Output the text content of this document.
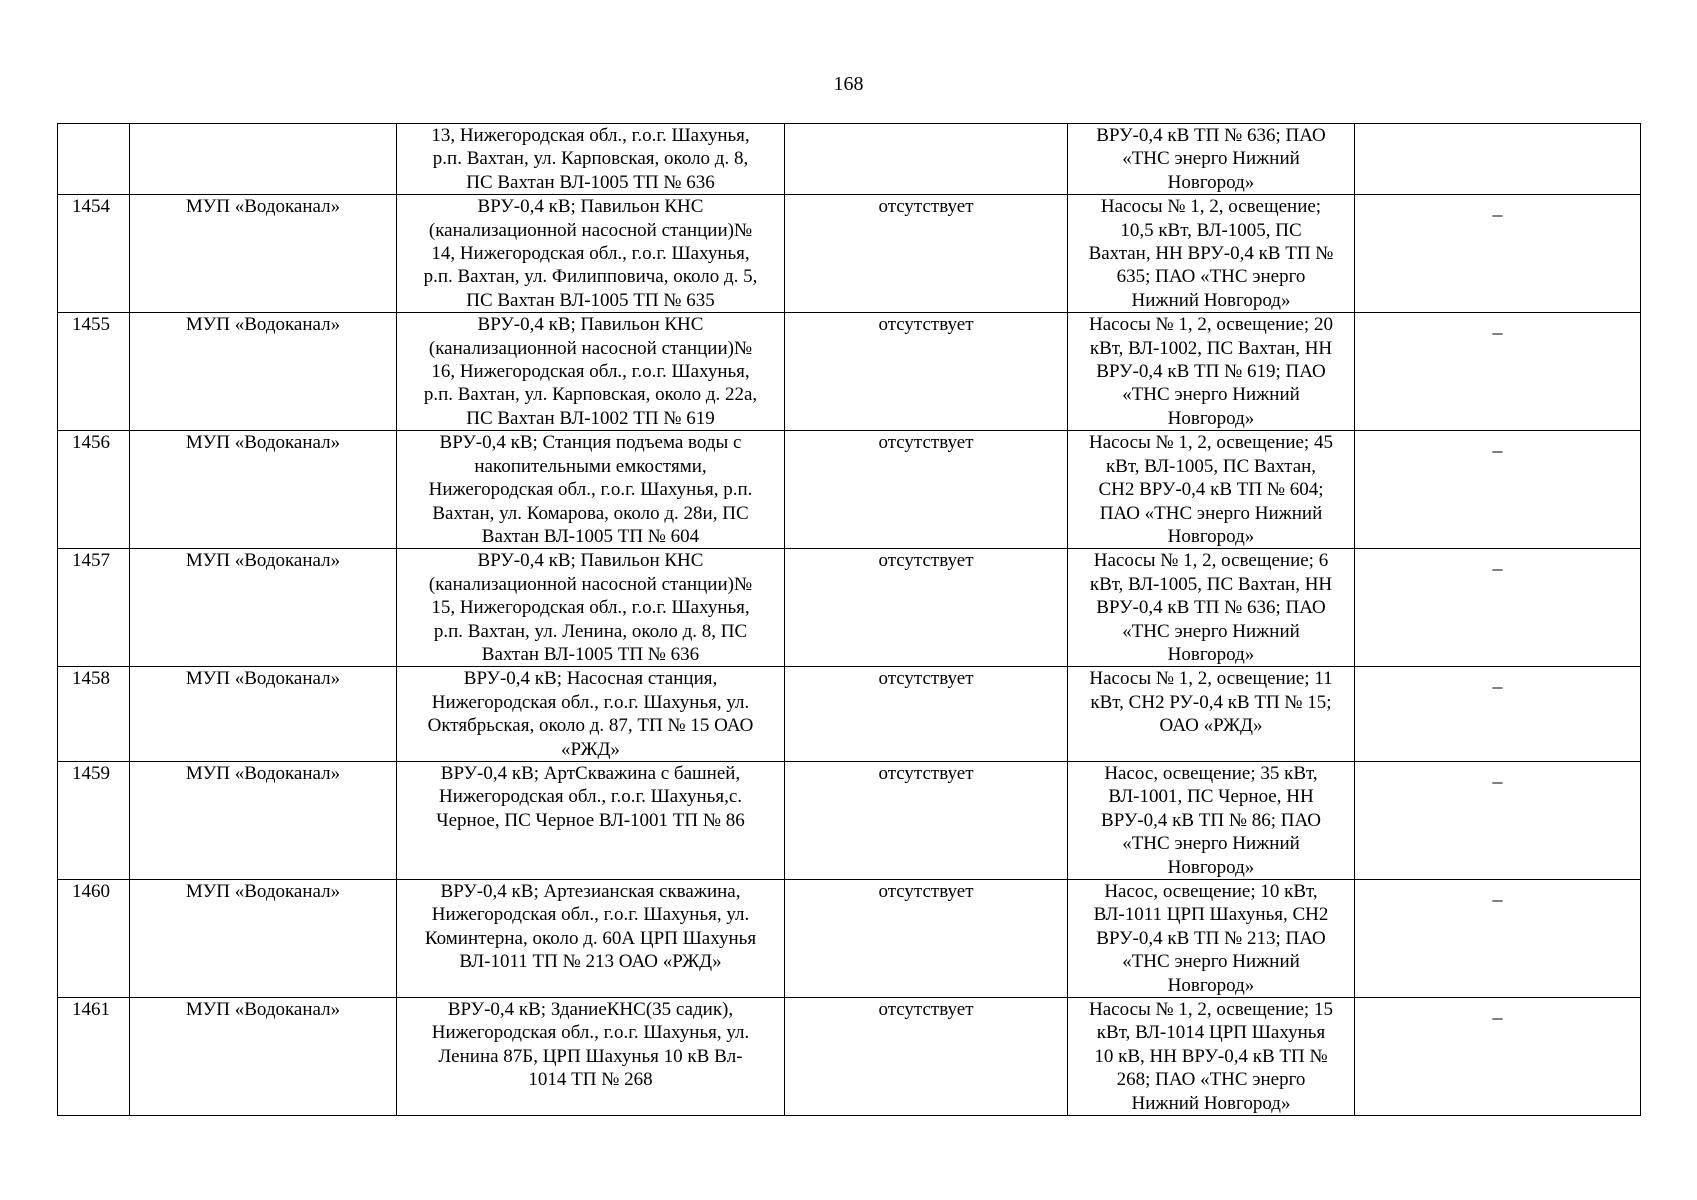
168

		13, Нижегородская обл., г.о.г. Шахунья,
р.п. Вахтан, ул. Карповская, около д. 8,
ПС Вахтан ВЛ-1005 ТП № 636		ВРУ-0,4 кВ ТП № 636; ПАО
«ТНС энерго Нижний
Новгород»	

1454	МУП «Водоканал»	ВРУ-0,4 кВ; Павильон КНС
(канализационной насосной станции)№
14, Нижегородская обл., г.о.г. Шахунья,
р.п. Вахтан, ул. Филипповича, около д. 5,
ПС Вахтан ВЛ-1005 ТП № 635	отсутствует	Насосы № 1, 2, освещение;
10,5 кВт, ВЛ-1005, ПС
Вахтан, НН ВРУ-0,4 кВ ТП №
635; ПАО «ТНС энерго
Нижний Новгород»	_
1455	МУП «Водоканал»	ВРУ-0,4 кВ; Павильон КНС
(канализационной насосной станции)№
16, Нижегородская обл., г.о.г. Шахунья,
р.п. Вахтан, ул. Карповская, около д. 22а,
ПС Вахтан ВЛ-1002 ТП № 619	отсутствует	Насосы № 1, 2, освещение; 20
кВт, ВЛ-1002, ПС Вахтан, НН
ВРУ-0,4 кВ ТП № 619; ПАО
«ТНС энерго Нижний
Новгород»	_
1456	МУП «Водоканал»	ВРУ-0,4 кВ; Станция подъема воды с
накопительными емкостями,
Нижегородская обл., г.о.г. Шахунья, р.п.
Вахтан, ул. Комарова, около д. 28и, ПС
Вахтан ВЛ-1005 ТП № 604	отсутствует	Насосы № 1, 2, освещение; 45
кВт, ВЛ-1005, ПС Вахтан,
СН2 ВРУ-0,4 кВ ТП № 604;
ПАО «ТНС энерго Нижний
Новгород»	_
1457	МУП «Водоканал»	ВРУ-0,4 кВ; Павильон КНС
(канализационной насосной станции)№
15, Нижегородская обл., г.о.г. Шахунья,
р.п. Вахтан, ул. Ленина, около д. 8, ПС
Вахтан ВЛ-1005 ТП № 636	отсутствует	Насосы № 1, 2, освещение; 6
кВт, ВЛ-1005, ПС Вахтан, НН
ВРУ-0,4 кВ ТП № 636; ПАО
«ТНС энерго Нижний
Новгород»	_
1458	МУП «Водоканал»	ВРУ-0,4 кВ; Насосная станция,
Нижегородская обл., г.о.г. Шахунья, ул.
Октябрьская, около д. 87, ТП № 15 ОАО
«РЖД»	отсутствует	Насосы № 1, 2, освещение; 11
кВт, СН2 РУ-0,4 кВ ТП № 15;
ОАО «РЖД»	_
1459	МУП «Водоканал»	ВРУ-0,4 кВ; АртСкважина с башней,
Нижегородская обл., г.о.г. Шахунья,с.
Черное, ПС Черное ВЛ-1001 ТП № 86	отсутствует	Насос, освещение; 35 кВт,
ВЛ-1001, ПС Черное, НН
ВРУ-0,4 кВ ТП № 86; ПАО
«ТНС энерго Нижний
Новгород»	_
1460	МУП «Водоканал»	ВРУ-0,4 кВ; Артезианская скважина,
Нижегородская обл., г.о.г. Шахунья, ул.
Коминтерна, около д. 60А ЦРП Шахунья
ВЛ-1011 ТП № 213 ОАО «РЖД»	отсутствует	Насос, освещение; 10 кВт,
ВЛ-1011 ЦРП Шахунья, СН2
ВРУ-0,4 кВ ТП № 213; ПАО
«ТНС энерго Нижний
Новгород»	_
1461	МУП «Водоканал»	ВРУ-0,4 кВ; ЗданиеКНС(35 садик),
Нижегородская обл., г.о.г. Шахунья, ул.
Ленина 87Б, ЦРП Шахунья 10 кВ Вл-
1014 ТП № 268	отсутствует	Насосы № 1, 2, освещение; 15
кВт, ВЛ-1014 ЦРП Шахунья
10 кВ, НН ВРУ-0,4 кВ ТП №
268; ПАО «ТНС энерго
Нижний Новгород»	_
